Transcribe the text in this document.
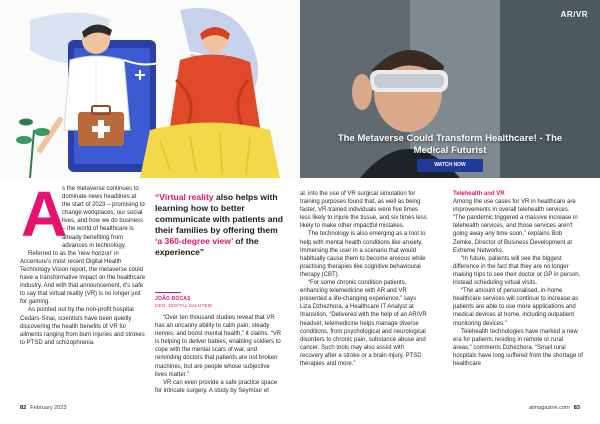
AR/VR
The Metaverse Could Transform Healthcare! - The Medical Futurist
WATCH NOW
A

s the metaverse continues to dominate news headlines at the start of 2023 – promising to change workplaces, our social lives, and how we do business – the world of healthcare is already benefiting from advances in technology.

Referred to as the 'new horizon' in Accenture's most recent Digital Health Technology Vision report, the metaverse could have a transformative impact on the healthcare industry. And with that announcement, it's safe to say that virtual reality (VR) is no longer just for gaming.

As pointed out by the non-profit hospital Cedars-Sinai, scientists have been quietly discovering the health benefits of VR for ailments ranging from burn injuries and strokes to PTSD and schizophrenia.

“Virtual reality also helps with learning how to better communicate with patients and their families by offering them ‘a 360-degree view’ of the experience”
JOÃO BOCAS
CEO, DIGITAL SALUTEM

“Over ten thousand studies reveal that VR has an uncanny ability to calm pain, steady nerves, and boost mental health,” it claims. “VR is helping to deliver babies, enabling soldiers to cope with the mental scars of war, and reminding doctors that patients are not broken machines, but are people whose subjective lives matter.”

VR can even provide a safe practice space for intricate surgery. A study by Seymour et

al. into the use of VR surgical simulation for training purposes found that, as well as being faster, VR-trained individuals were five times less likely to injure the tissue, and six times less likely to make other impactful mistakes.

The technology is also emerging as a tool to help with mental health conditions like anxiety. Immersing the user in a scenario that would habitually cause them to become anxious while practising therapies like cognitive behavioural therapy (CBT).

“For some chronic condition patients, enhancing telemedicine with AR and VR presented a life-changing experience,” says Liza Dzhezhora, a Healthcare IT Analyst at Itransition. “Delivered with the help of an AR/VR headset, telemedicine helps manage diverse conditions, from psychological and neurological disorders to chronic pain, substance abuse and cancer. Such tools may also assist with recovery after a stroke or a brain injury, PTSD therapies and more.”

Telehealth and VR

Among the use cases for VR in healthcare are improvements in overall telehealth services. “The pandemic triggered a massive increase in telehealth services, and those services aren't going away any time soon,” explains Bob Zemke, Director of Business Development at Extreme Networks.

“In future, patients will see the biggest difference in the fact that they are no longer making trips to see their doctor or GP in person, instead scheduling virtual visits.

“The amount of personalised, in-home healthcare services will continue to increase as patients are able to use more applications and medical devices at home, including outpatient monitoring devices.”

Telehealth technologies have marked a new era for patients residing in remote or rural areas,” comments Dzhezhora. “Small rural hospitals have long suffered from the shortage of healthcare

82 February 2023	aimagazine.com 83
